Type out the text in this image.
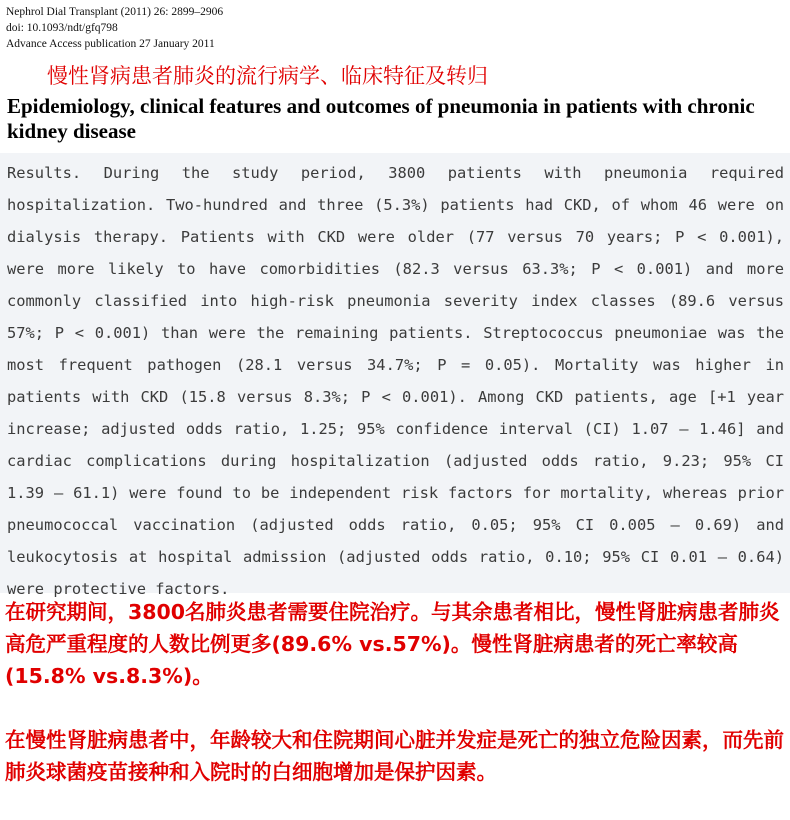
Nephrol Dial Transplant (2011) 26: 2899–2906
doi: 10.1093/ndt/gfq798
Advance Access publication 27 January 2011
慢性肾病患者肺炎的流行病学、临床特征及转归
Epidemiology, clinical features and outcomes of pneumonia in patients with chronic kidney disease

Results. During the study period, 3800 patients with pneumonia required hospitalization. Two-hundred and three (5.3%) patients had CKD, of whom 46 were on dialysis therapy. Patients with CKD were older (77 versus 70 years; P < 0.001), were more likely to have comorbidities (82.3 versus 63.3%; P < 0.001) and more commonly classified into high-risk pneumonia severity index classes (89.6 versus 57%; P < 0.001) than were the remaining patients. Streptococcus pneumoniae was the most frequent pathogen (28.1 versus 34.7%; P = 0.05). Mortality was higher in patients with CKD (15.8 versus 8.3%; P < 0.001). Among CKD patients, age [+1 year increase; adjusted odds ratio, 1.25; 95% confidence interval (CI) 1.07 – 1.46] and cardiac complications during hospitalization (adjusted odds ratio, 9.23; 95% CI 1.39 – 61.1) were found to be independent risk factors for mortality, whereas prior pneumococcal vaccination (adjusted odds ratio, 0.05; 95% CI 0.005 – 0.69) and leukocytosis at hospital admission (adjusted odds ratio, 0.10; 95% CI 0.01 – 0.64) were protective factors.

在研究期间，3800名肺炎患者需要住院治疗。与其余患者相比，慢性肾脏病患者肺炎高危严重程度的人数比例更多(89.6% vs.57%)。慢性肾脏病患者的死亡率较高(15.8% vs.8.3%)。

在慢性肾脏病患者中，年龄较大和住院期间心脏并发症是死亡的独立危险因素，而先前肺炎球菌疫苗接种和入院时的白细胞增加是保护因素。
